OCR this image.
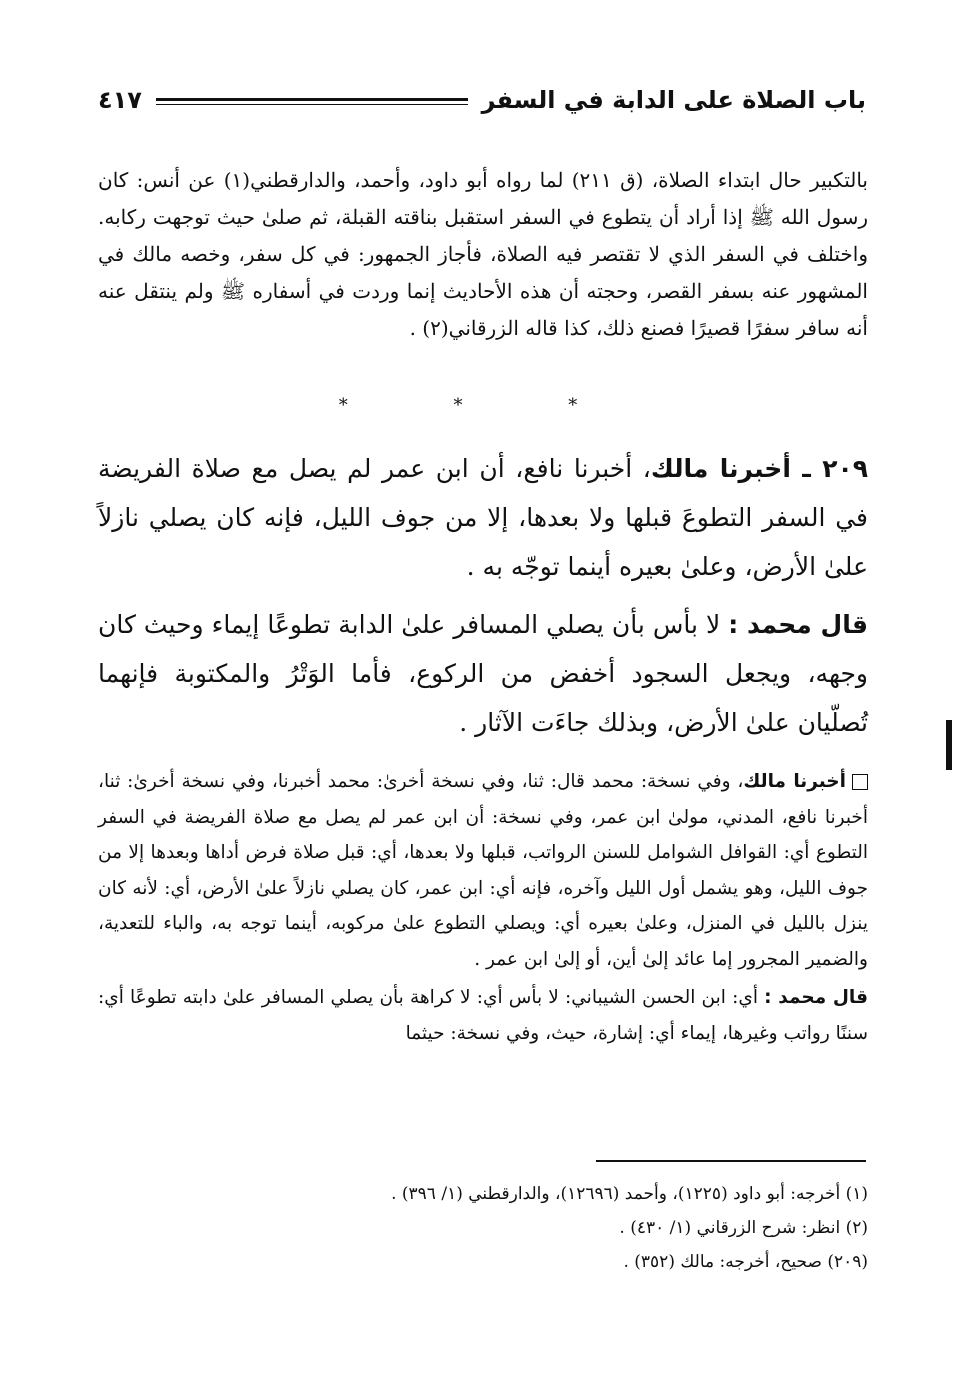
باب الصلاة على الدابة في السفر
٤١٧

بالتكبير حال ابتداء الصلاة، (ق ٢١١) لما رواه أبو داود، وأحمد، والدارقطني(١) عن أنس: كان رسول الله ﷺ إذا أراد أن يتطوع في السفر استقبل بناقته القبلة، ثم صلىٰ حيث توجهت ركابه. واختلف في السفر الذي لا تقتصر فيه الصلاة، فأجاز الجمهور: في كل سفر، وخصه مالك في المشهور عنه بسفر القصر، وحجته أن هذه الأحاديث إنما وردت في أسفاره ﷺ ولم ينتقل عنه أنه سافر سفرًا قصيرًا فصنع ذلك، كذا قاله الزرقاني(٢) .

* * *

٢٠٩ ـ أخبرنا مالك، أخبرنا نافع، أن ابن عمر لم يصل مع صلاة الفريضة في السفر التطوعَ قبلها ولا بعدها، إلا من جوف الليل، فإنه كان يصلي نازلاً علىٰ الأرض، وعلىٰ بعيره أينما توجّه به .

قال محمد : لا بأس بأن يصلي المسافر علىٰ الدابة تطوعًا إيماء وحيث كان وجهه، ويجعل السجود أخفض من الركوع، فأما الوَتْرُ والمكتوبة فإنهما تُصلّيان علىٰ الأرض، وبذلك جاءَت الآثار .

أخبرنا مالك، وفي نسخة: محمد قال: ثنا، وفي نسخة أخرىٰ: محمد أخبرنا، وفي نسخة أخرىٰ: ثنا، أخبرنا نافع، المدني، مولىٰ ابن عمر، وفي نسخة: أن ابن عمر لم يصل مع صلاة الفريضة في السفر التطوع أي: القوافل الشوامل للسنن الرواتب، قبلها ولا بعدها، أي: قبل صلاة فرض أداها وبعدها إلا من جوف الليل، وهو يشمل أول الليل وآخره، فإنه أي: ابن عمر، كان يصلي نازلاً علىٰ الأرض، أي: لأنه كان ينزل بالليل في المنزل، وعلىٰ بعيره أي: ويصلي التطوع علىٰ مركوبه، أينما توجه به، والباء للتعدية، والضمير المجرور إما عائد إلىٰ أين، أو إلىٰ ابن عمر .

قال محمد : أي: ابن الحسن الشيباني: لا بأس أي: لا كراهة بأن يصلي المسافر علىٰ دابته تطوعًا أي: سننًا رواتب وغيرها، إيماء أي: إشارة، حيث، وفي نسخة: حيثما

(١) أخرجه: أبو داود (١٢٢٥)، وأحمد (١٢٦٩٦)، والدارقطني (١/ ٣٩٦) .

(٢) انظر: شرح الزرقاني (١/ ٤٣٠) .

(٢٠٩) صحيح، أخرجه: مالك (٣٥٢) .
